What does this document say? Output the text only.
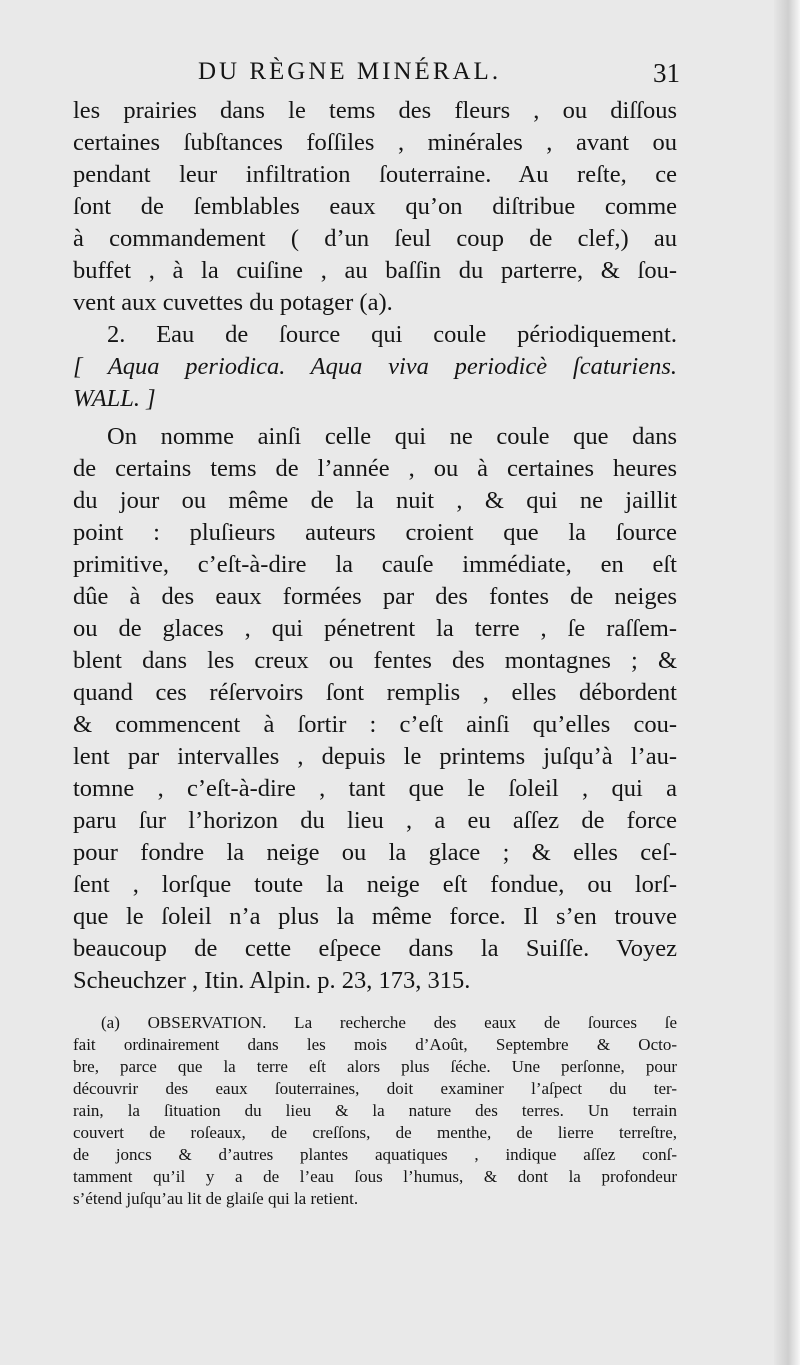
DU RÈGNE MINÉRAL.	31
les prairies dans le tems des fleurs , ou diſſous
certaines ſubſtances foſſiles , minérales , avant ou
pendant leur infiltration ſouterraine. Au reſte, ce
ſont de ſemblables eaux qu’on diſtribue comme
à commandement ( d’un ſeul coup de clef,) au
buffet , à la cuiſine , au baſſin du parterre, & ſou-
vent aux cuvettes du potager (a).
2. Eau de ſource qui coule périodiquement.
[ Aqua periodica. Aqua viva periodicè ſcaturiens.
WALL. ]
On nomme ainſi celle qui ne coule que dans
de certains tems de l’année , ou à certaines heures
du jour ou même de la nuit , & qui ne jaillit
point : pluſieurs auteurs croient que la ſource
primitive, c’eſt-à-dire la cauſe immédiate, en eſt
dûe à des eaux formées par des fontes de neiges
ou de glaces , qui pénetrent la terre , ſe raſſem-
blent dans les creux ou fentes des montagnes ; &
quand ces réſervoirs ſont remplis , elles débordent
& commencent à ſortir : c’eſt ainſi qu’elles cou-
lent par intervalles , depuis le printems juſqu’à l’au-
tomne , c’eſt-à-dire , tant que le ſoleil , qui a
paru ſur l’horizon du lieu , a eu aſſez de force
pour fondre la neige ou la glace ; & elles ceſ-
ſent , lorſque toute la neige eſt fondue, ou lorſ-
que le ſoleil n’a plus la même force. Il s’en trouve
beaucoup de cette eſpece dans la Suiſſe. Voyez
Scheuchzer , Itin. Alpin. p. 23, 173, 315.
(a) OBSERVATION. La recherche des eaux de ſources ſe
fait ordinairement dans les mois d’Août, Septembre & Octo-
bre, parce que la terre eſt alors plus ſéche. Une perſonne, pour
découvrir des eaux ſouterraines, doit examiner l’aſpect du ter-
rain, la ſituation du lieu & la nature des terres. Un terrain
couvert de roſeaux, de creſſons, de menthe, de lierre terreſtre,
de joncs & d’autres plantes aquatiques , indique aſſez conſ-
tamment qu’il y a de l’eau ſous l’humus, & dont la profondeur
s’étend juſqu’au lit de glaiſe qui la retient.
